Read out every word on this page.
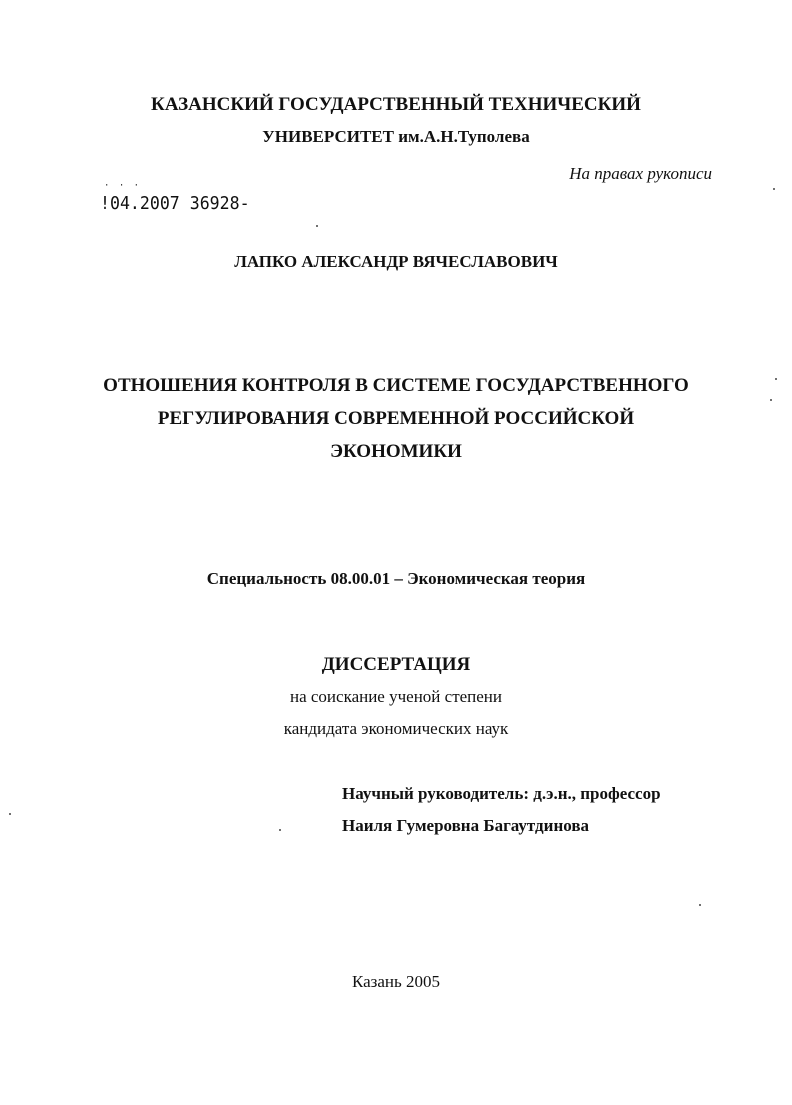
КАЗАНСКИЙ ГОСУДАРСТВЕННЫЙ ТЕХНИЧЕСКИЙ
УНИВЕРСИТЕТ им.А.Н.Туполева
На правах рукописи
· · ·
!04.2007 36928-
ЛАПКО АЛЕКСАНДР ВЯЧЕСЛАВОВИЧ
ОТНОШЕНИЯ КОНТРОЛЯ В СИСТЕМЕ ГОСУДАРСТВЕННОГО
РЕГУЛИРОВАНИЯ СОВРЕМЕННОЙ РОССИЙСКОЙ
ЭКОНОМИКИ
Специальность 08.00.01 – Экономическая теория
ДИССЕРТАЦИЯ
на соискание ученой степени
кандидата экономических наук
Научный руководитель: д.э.н., профессор
Наиля Гумеровна Багаутдинова
Казань 2005
